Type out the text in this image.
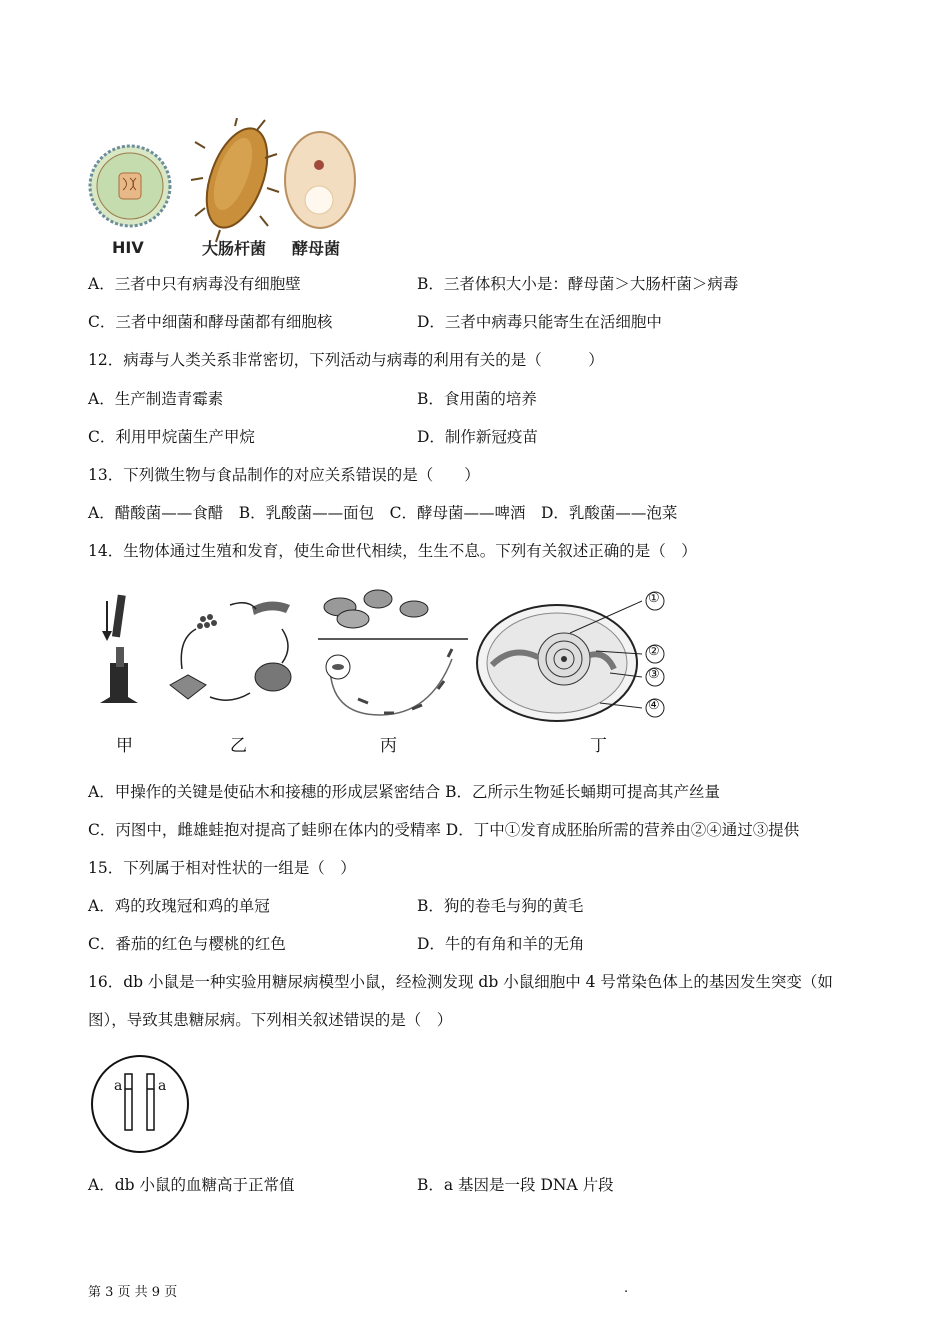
HIV	大肠杆菌 酵母菌
A．三者中只有病毒没有细胞壁	B．三者体积大小是：酵母菌＞大肠杆菌＞病毒
C．三者中细菌和酵母菌都有细胞核	D．三者中病毒只能寄生在活细胞中
12．病毒与人类关系非常密切，下列活动与病毒的利用有关的是（　　　）
A．生产制造青霉素	B．食用菌的培养
C．利用甲烷菌生产甲烷	D．制作新冠疫苗
13．下列微生物与食品制作的对应关系错误的是（　　）
A．醋酸菌——食醋　B．乳酸菌——面包　C．酵母菌——啤酒　D．乳酸菌——泡菜
14．生物体通过生殖和发育，使生命世代相续，生生不息。下列有关叙述正确的是（　）
①
②
③
④
甲	乙	丙	丁
A．甲操作的关键是使砧木和接穗的形成层紧密结合 B．乙所示生物延长蛹期可提高其产丝量
C．丙图中，雌雄蛙抱对提高了蛙卵在体内的受精率 D．丁中①发育成胚胎所需的营养由②④通过③提供
15．下列属于相对性状的一组是（　）
A．鸡的玫瑰冠和鸡的单冠	B．狗的卷毛与狗的黄毛
C．番茄的红色与樱桃的红色	D．牛的有角和羊的无角
16．db 小鼠是一种实验用糖尿病模型小鼠，经检测发现 db 小鼠细胞中 4 号常染色体上的基因发生突变（如
图），导致其患糖尿病。下列相关叙述错误的是（　）
a	a
A．db 小鼠的血糖高于正常值	B．a 基因是一段 DNA 片段
第 3 页 共 9 页	.
